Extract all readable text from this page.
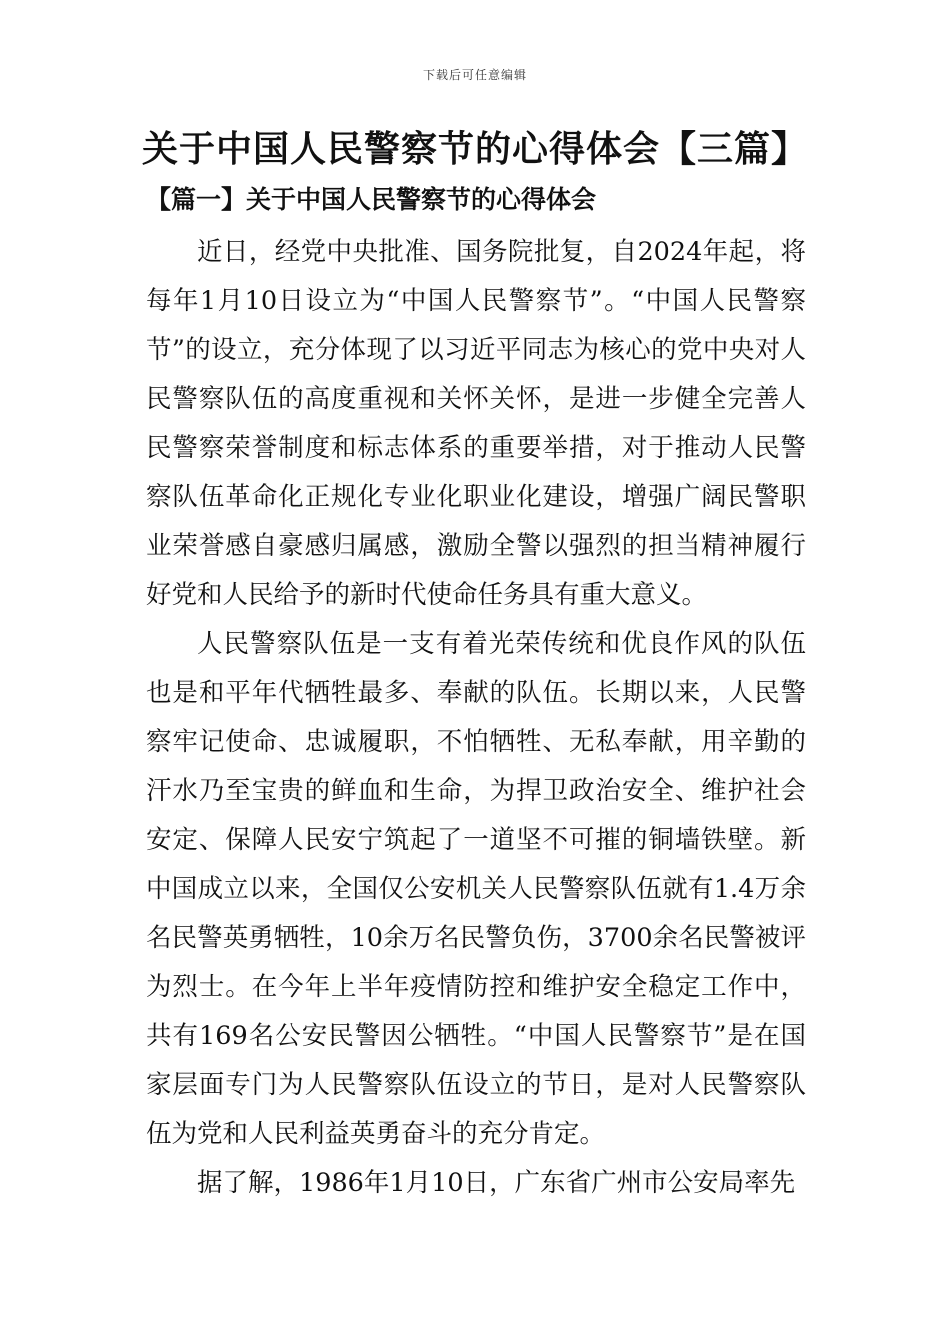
下载后可任意编辑
关于中国人民警察节的心得体会【三篇】
【篇一】关于中国人民警察节的心得体会

近日，经党中央批准、国务院批复，自2024年起，将每年1月10日设立为“中国人民警察节”。“中国人民警察节”的设立，充分体现了以习近平同志为核心的党中央对人民警察队伍的高度重视和关怀关怀，是进一步健全完善人民警察荣誉制度和标志体系的重要举措，对于推动人民警察队伍革命化正规化专业化职业化建设，增强广阔民警职业荣誉感自豪感归属感，激励全警以强烈的担当精神履行好党和人民给予的新时代使命任务具有重大意义。

人民警察队伍是一支有着光荣传统和优良作风的队伍也是和平年代牺牲最多、奉献的队伍。长期以来，人民警察牢记使命、忠诚履职，不怕牺牲、无私奉献，用辛勤的汗水乃至宝贵的鲜血和生命，为捍卫政治安全、维护社会安定、保障人民安宁筑起了一道坚不可摧的铜墙铁壁。新中国成立以来，全国仅公安机关人民警察队伍就有1.4万余名民警英勇牺牲，10余万名民警负伤，3700余名民警被评为烈士。在今年上半年疫情防控和维护安全稳定工作中，共有169名公安民警因公牺牲。“中国人民警察节”是在国家层面专门为人民警察队伍设立的节日，是对人民警察队伍为党和人民利益英勇奋斗的充分肯定。

据了解，1986年1月10日，广东省广州市公安局率先
